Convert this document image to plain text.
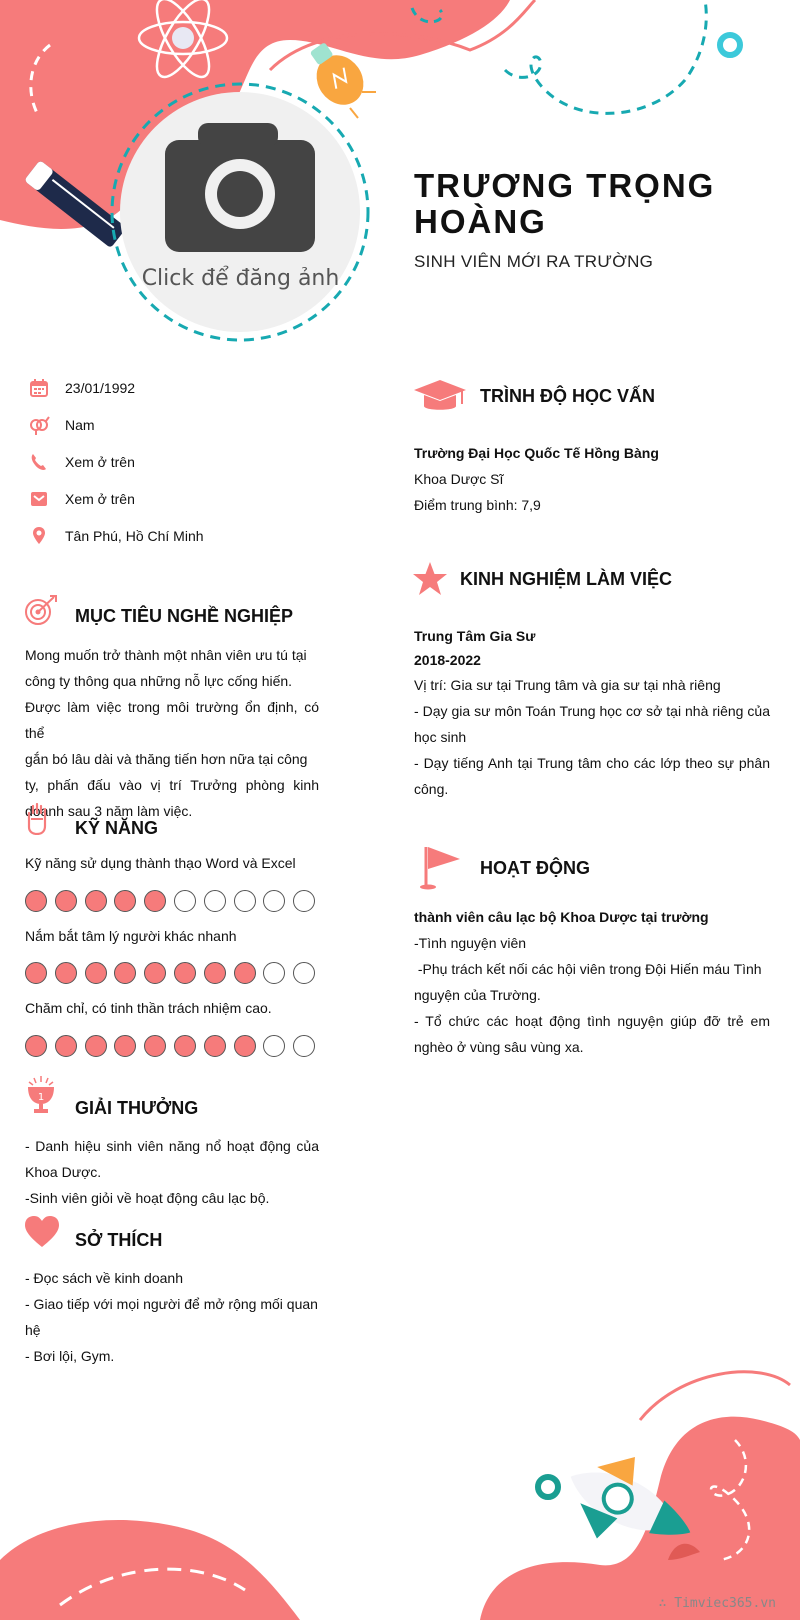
Click để đăng ảnh
TRƯƠNG TRỌNG HOÀNG
SINH VIÊN MỚI RA TRƯỜNG
23/01/1992
Nam
Xem ở trên
Xem ở trên
Tân Phú, Hồ Chí Minh
MỤC TIÊU NGHỀ NGHIỆP
Mong muốn trở thành một nhân viên ưu tú tại
công ty thông qua những nỗ lực cống hiến.
Được làm việc trong môi trường ổn định, có thể
gắn bó lâu dài và thăng tiến hơn nữa tại công
ty, phấn đấu vào vị trí Trưởng phòng kinh
doanh sau 3 năm làm việc.
KỸ NĂNG
Kỹ năng sử dụng thành thạo Word và Excel
Nắm bắt tâm lý người khác nhanh
Chăm chỉ, có tinh thần trách nhiệm cao.
1
GIẢI THƯỞNG
- Danh hiệu sinh viên năng nổ hoạt động của
Khoa Dược.
-Sinh viên giỏi về hoạt động câu lạc bộ.
SỞ THÍCH
- Đọc sách về kinh doanh
- Giao tiếp với mọi người để mở rộng mối quan
hệ
- Bơi lội, Gym.
TRÌNH ĐỘ HỌC VẤN
Trường Đại Học Quốc Tế Hồng Bàng
Khoa Dược Sĩ
Điểm trung bình: 7,9
KINH NGHIỆM LÀM VIỆC
Trung Tâm Gia Sư
2018-2022
Vị trí: Gia sư tại Trung tâm và gia sư tại nhà riêng
- Dạy gia sư môn Toán Trung học cơ sở tại nhà riêng của
học sinh
- Dạy tiếng Anh tại Trung tâm cho các lớp theo sự phân
công.
HOẠT ĐỘNG
thành viên câu lạc bộ Khoa Dược tại trường
-Tình nguyện viên
-Phụ trách kết nối các hội viên trong Đội Hiến máu Tình
nguyện của Trường.
- Tổ chức các hoạt động tình nguyện giúp đỡ trẻ em
nghèo ở vùng sâu vùng xa.
∴ Timviec365.vn
